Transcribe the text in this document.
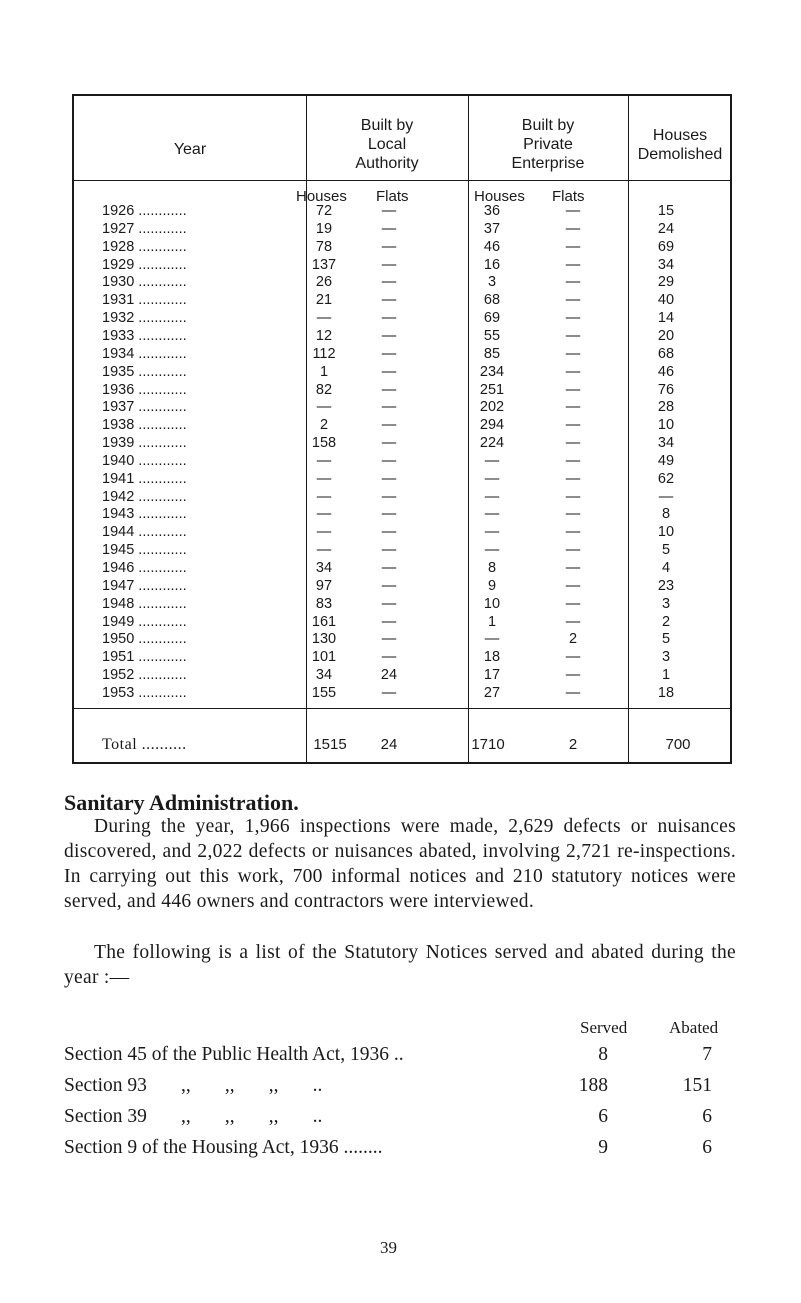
Year
Built by
Local
Authority
Built by
Private
Enterprise
Houses
Demolished
Houses Flats	Houses Flats
1926 ............	72	—	36	—	15
1927 ............	19	—	37	—	24
1928 ............	78	—	46	—	69
1929 ............	137	—	16	—	34
1930 ............	26	—	3	—	29
1931 ............	21	—	68	—	40
1932 ............	—	—	69	—	14
1933 ............	12	—	55	—	20
1934 ............	112	—	85	—	68
1935 ............	1	—	234	—	46
1936 ............	82	—	251	—	76
1937 ............	—	—	202	—	28
1938 ............	2	—	294	—	10
1939 ............	158	—	224	—	34
1940 ............	—	—	—	—	49
1941 ............	—	—	—	—	62
1942 ............	—	—	—	—	—
1943 ............	—	—	—	—	8
1944 ............	—	—	—	—	10
1945 ............	—	—	—	—	5
1946 ............	34	—	8	—	4
1947 ............	97	—	9	—	23
1948 ............	83	—	10	—	3
1949 ............	161	—	1	—	2
1950 ............	130	—	—	2	5
1951 ............	101	—	18	—	3
1952 ............	34	24	17	—	1
1953 ............	155	—	27	—	18
Total ..........	1515	24	1710	2	700
Sanitary Administration.

During the year, 1,966 inspections were made, 2,629 defects or nuisances discovered, and 2,022 defects or nuisances abated, involving 2,721 re-inspections. In carrying out this work, 700 informal notices and 210 statutory notices were served, and 446 owners and contractors were interviewed.

The following is a list of the Statutory Notices served and abated during the year :—

Served Abated
Section 45 of the Public Health Act, 1936 ..	8	7
Section 93       ,,       ,,       ,,       ..	188	151
Section 39       ,,       ,,       ,,       ..	6	6
Section 9 of the Housing Act, 1936 ........	9	6
39
